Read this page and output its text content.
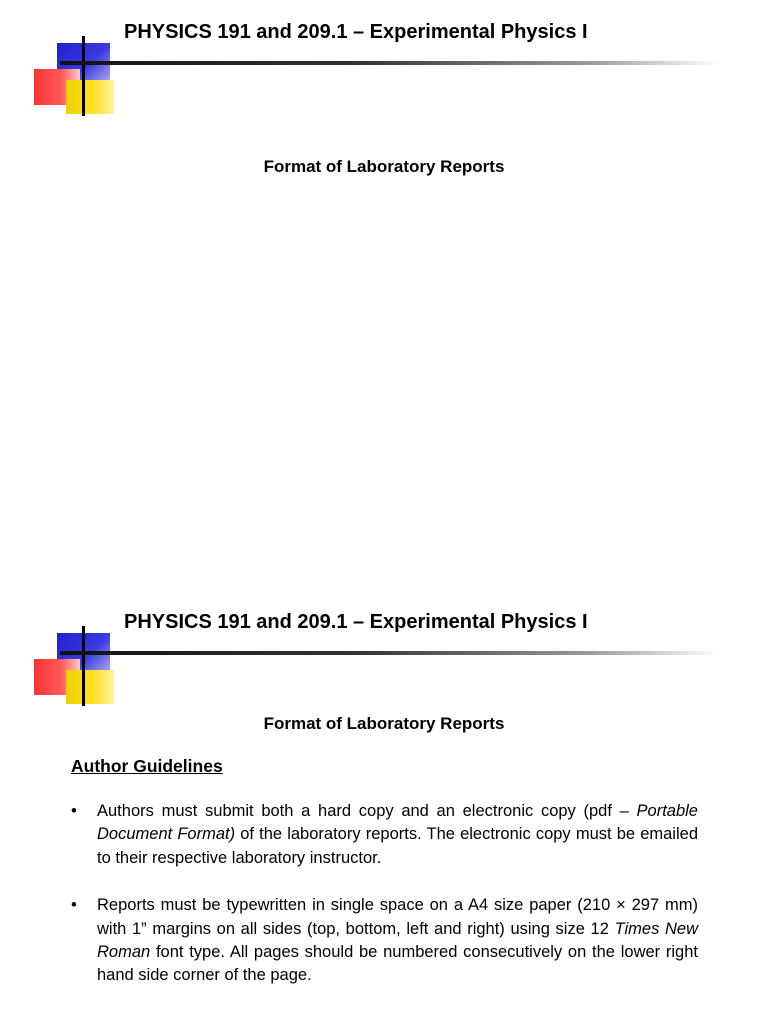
PHYSICS 191 and 209.1 – Experimental Physics I
Format of Laboratory Reports
PHYSICS 191 and 209.1 – Experimental Physics I
Format of Laboratory Reports
Author Guidelines
• Authors must submit both a hard copy and an electronic copy (pdf – Portable Document Format) of the laboratory reports. The electronic copy must be emailed to their respective laboratory instructor.
• Reports must be typewritten in single space on a A4 size paper (210 × 297 mm) with 1” margins on all sides (top, bottom, left and right) using size 12 Times New Roman font type. All pages should be numbered consecutively on the lower right hand side corner of the page.
